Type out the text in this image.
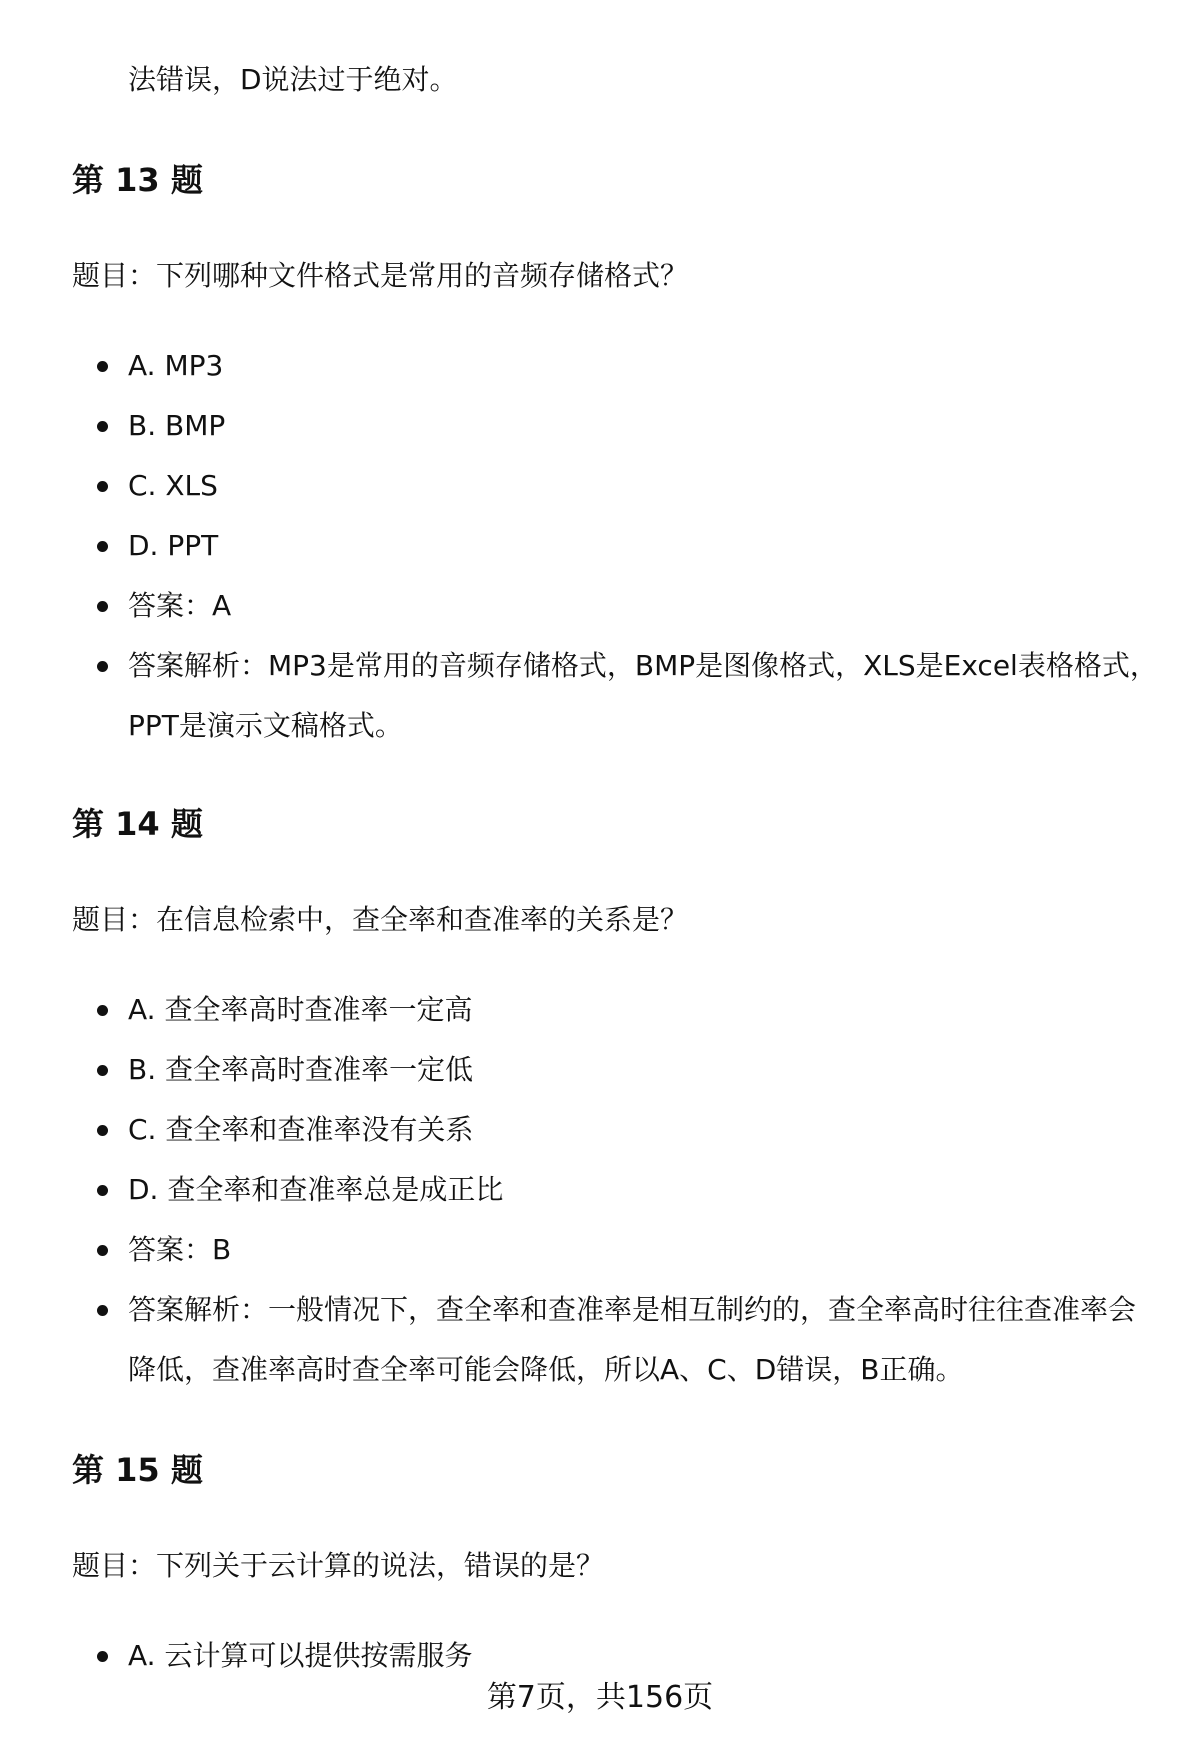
法错误，D说法过于绝对。
第 13 题

题目：下列哪种文件格式是常用的音频存储格式？

A. MP3
B. BMP
C. XLS
D. PPT
答案：A
答案解析：MP3是常用的音频存储格式，BMP是图像格式，XLS是Excel表格格式，PPT是演示文稿格式。
第 14 题

题目：在信息检索中，查全率和查准率的关系是？

A. 查全率高时查准率一定高
B. 查全率高时查准率一定低
C. 查全率和查准率没有关系
D. 查全率和查准率总是成正比
答案：B
答案解析：一般情况下，查全率和查准率是相互制约的，查全率高时往往查准率会降低，查准率高时查全率可能会降低，所以A、C、D错误，B正确。
第 15 题

题目：下列关于云计算的说法，错误的是？

A. 云计算可以提供按需服务
第7页，共156页
